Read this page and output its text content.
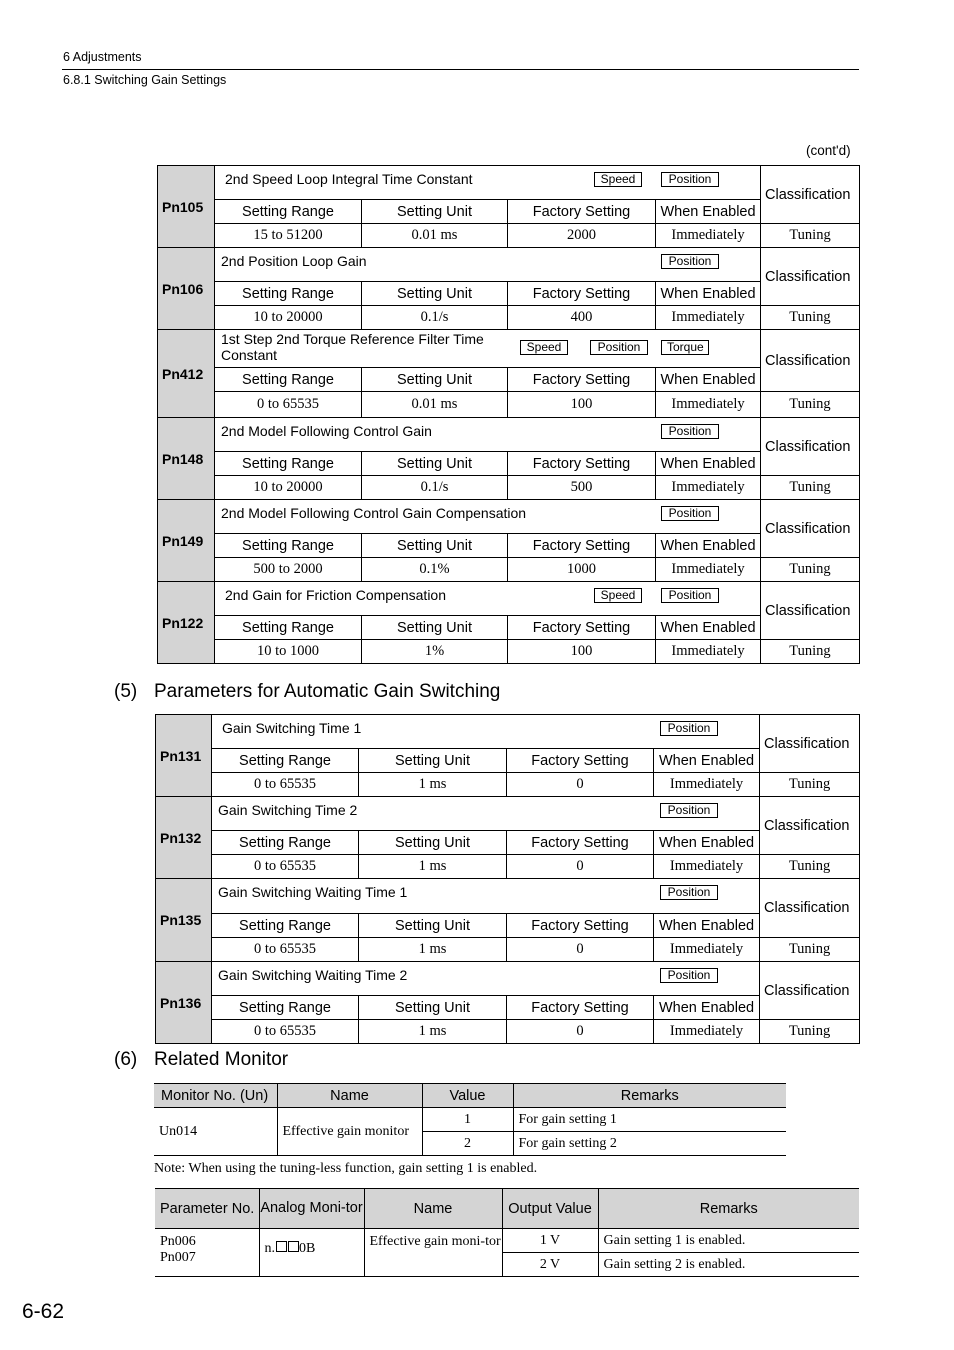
6 Adjustments
6.8.1 Switching Gain Settings
(cont'd)
Pn105	2nd Speed Loop Integral Time Constant Speed Position				Classification
	Setting Range	Setting Unit	Factory Setting	When Enabled	
	15 to 51200	0.01 ms	2000	Immediately	Tuning
Pn106	2nd Position Loop Gain Position				Classification
	Setting Range	Setting Unit	Factory Setting	When Enabled	
	10 to 20000	0.1/s	400	Immediately	Tuning
Pn412	1st Step 2nd Torque Reference Filter Time Constant Speed Position Torque				Classification
	Setting Range	Setting Unit	Factory Setting	When Enabled	
	0 to 65535	0.01 ms	100	Immediately	Tuning
Pn148	2nd Model Following Control Gain Position				Classification
	Setting Range	Setting Unit	Factory Setting	When Enabled	
	10 to 20000	0.1/s	500	Immediately	Tuning
Pn149	2nd Model Following Control Gain Compensation Position				Classification
	Setting Range	Setting Unit	Factory Setting	When Enabled	
	500 to 2000	0.1%	1000	Immediately	Tuning
Pn122	2nd Gain for Friction Compensation Speed Position				Classification
	Setting Range	Setting Unit	Factory Setting	When Enabled	
	10 to 1000	1%	100	Immediately	Tuning
(5) Parameters for Automatic Gain Switching
Pn131	Gain Switching Time 1 Position				Classification
	Setting Range	Setting Unit	Factory Setting	When Enabled	
	0 to 65535	1 ms	0	Immediately	Tuning
Pn132	Gain Switching Time 2 Position				Classification
	Setting Range	Setting Unit	Factory Setting	When Enabled	
	0 to 65535	1 ms	0	Immediately	Tuning
Pn135	Gain Switching Waiting Time 1 Position				Classification
	Setting Range	Setting Unit	Factory Setting	When Enabled	
	0 to 65535	1 ms	0	Immediately	Tuning
Pn136	Gain Switching Waiting Time 2 Position				Classification
	Setting Range	Setting Unit	Factory Setting	When Enabled	
	0 to 65535	1 ms	0	Immediately	Tuning
(6) Related Monitor
Monitor No. (Un)	Name	Value	Remarks
Un014	Effective gain monitor	1	For gain setting 1
		2	For gain setting 2
Note: When using the tuning-less function, gain setting 1 is enabled.
Parameter No.	Analog Moni-tor	Name	Output Value	Remarks

Pn006
Pn007	n. 0B	Effective gain moni-tor	1 V	Gain setting 1 is enabled.
			2 V	Gain setting 2 is enabled.
6-62
